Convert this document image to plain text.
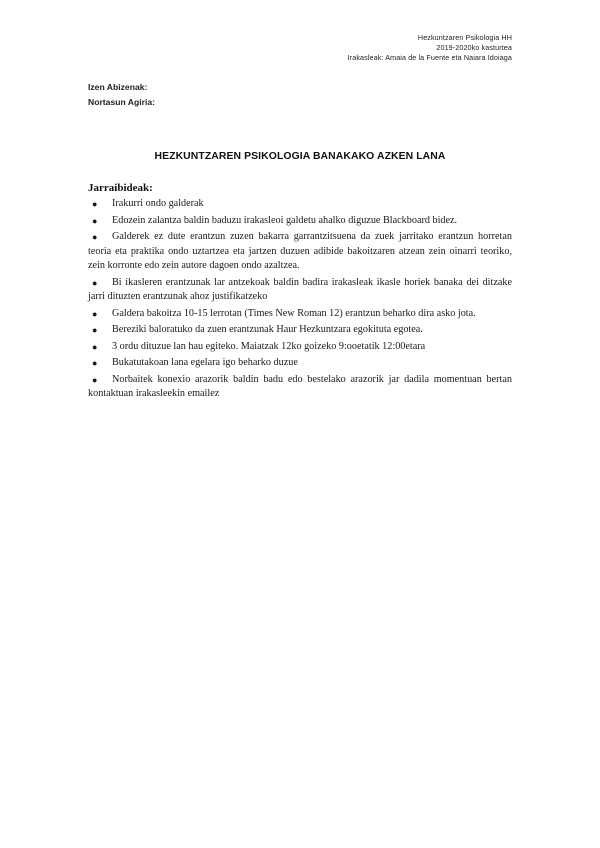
Hezkuntzaren Psikologia HH
2019-2020ko kasturtea
Irakasleak: Amaia de la Fuente eta Naiara Idoiaga
Izen Abizenak:
Nortasun Agiria:
HEZKUNTZAREN PSIKOLOGIA BANAKAKO AZKEN LANA
Jarraibideak:
● Irakurri ondo galderak
● Edozein zalantza baldin baduzu irakasleoi galdetu ahalko diguzue Blackboard bidez.
● Galderek ez dute erantzun zuzen bakarra garrantzitsuena da zuek jarritako erantzun horretan teoria eta praktika ondo uztartzea eta jartzen duzuen adibide bakoitzaren atzean zein oinarri teoriko, zein korronte edo zein autore dagoen ondo azaltzea.
● Bi ikasleren erantzunak lar antzekoak baldin badira irakasleak ikasle horiek banaka dei ditzake jarri dituzten erantzunak ahoz justifikatzeko
● Galdera bakoitza 10-15 lerrotan (Times New Roman 12) erantzun beharko dira asko jota.
● Bereziki baloratuko da zuen erantzunak Haur Hezkuntzara egokituta egotea.
● 3 ordu dituzue lan hau egiteko. Maiatzak 12ko goizeko 9:ooetatik 12:00etara
● Bukatutakoan lana egelara igo beharko duzue
● Norbaitek konexio arazorik baldin badu edo bestelako arazorik jar dadila momentuan bertan kontaktuan irakasleekin emailez
